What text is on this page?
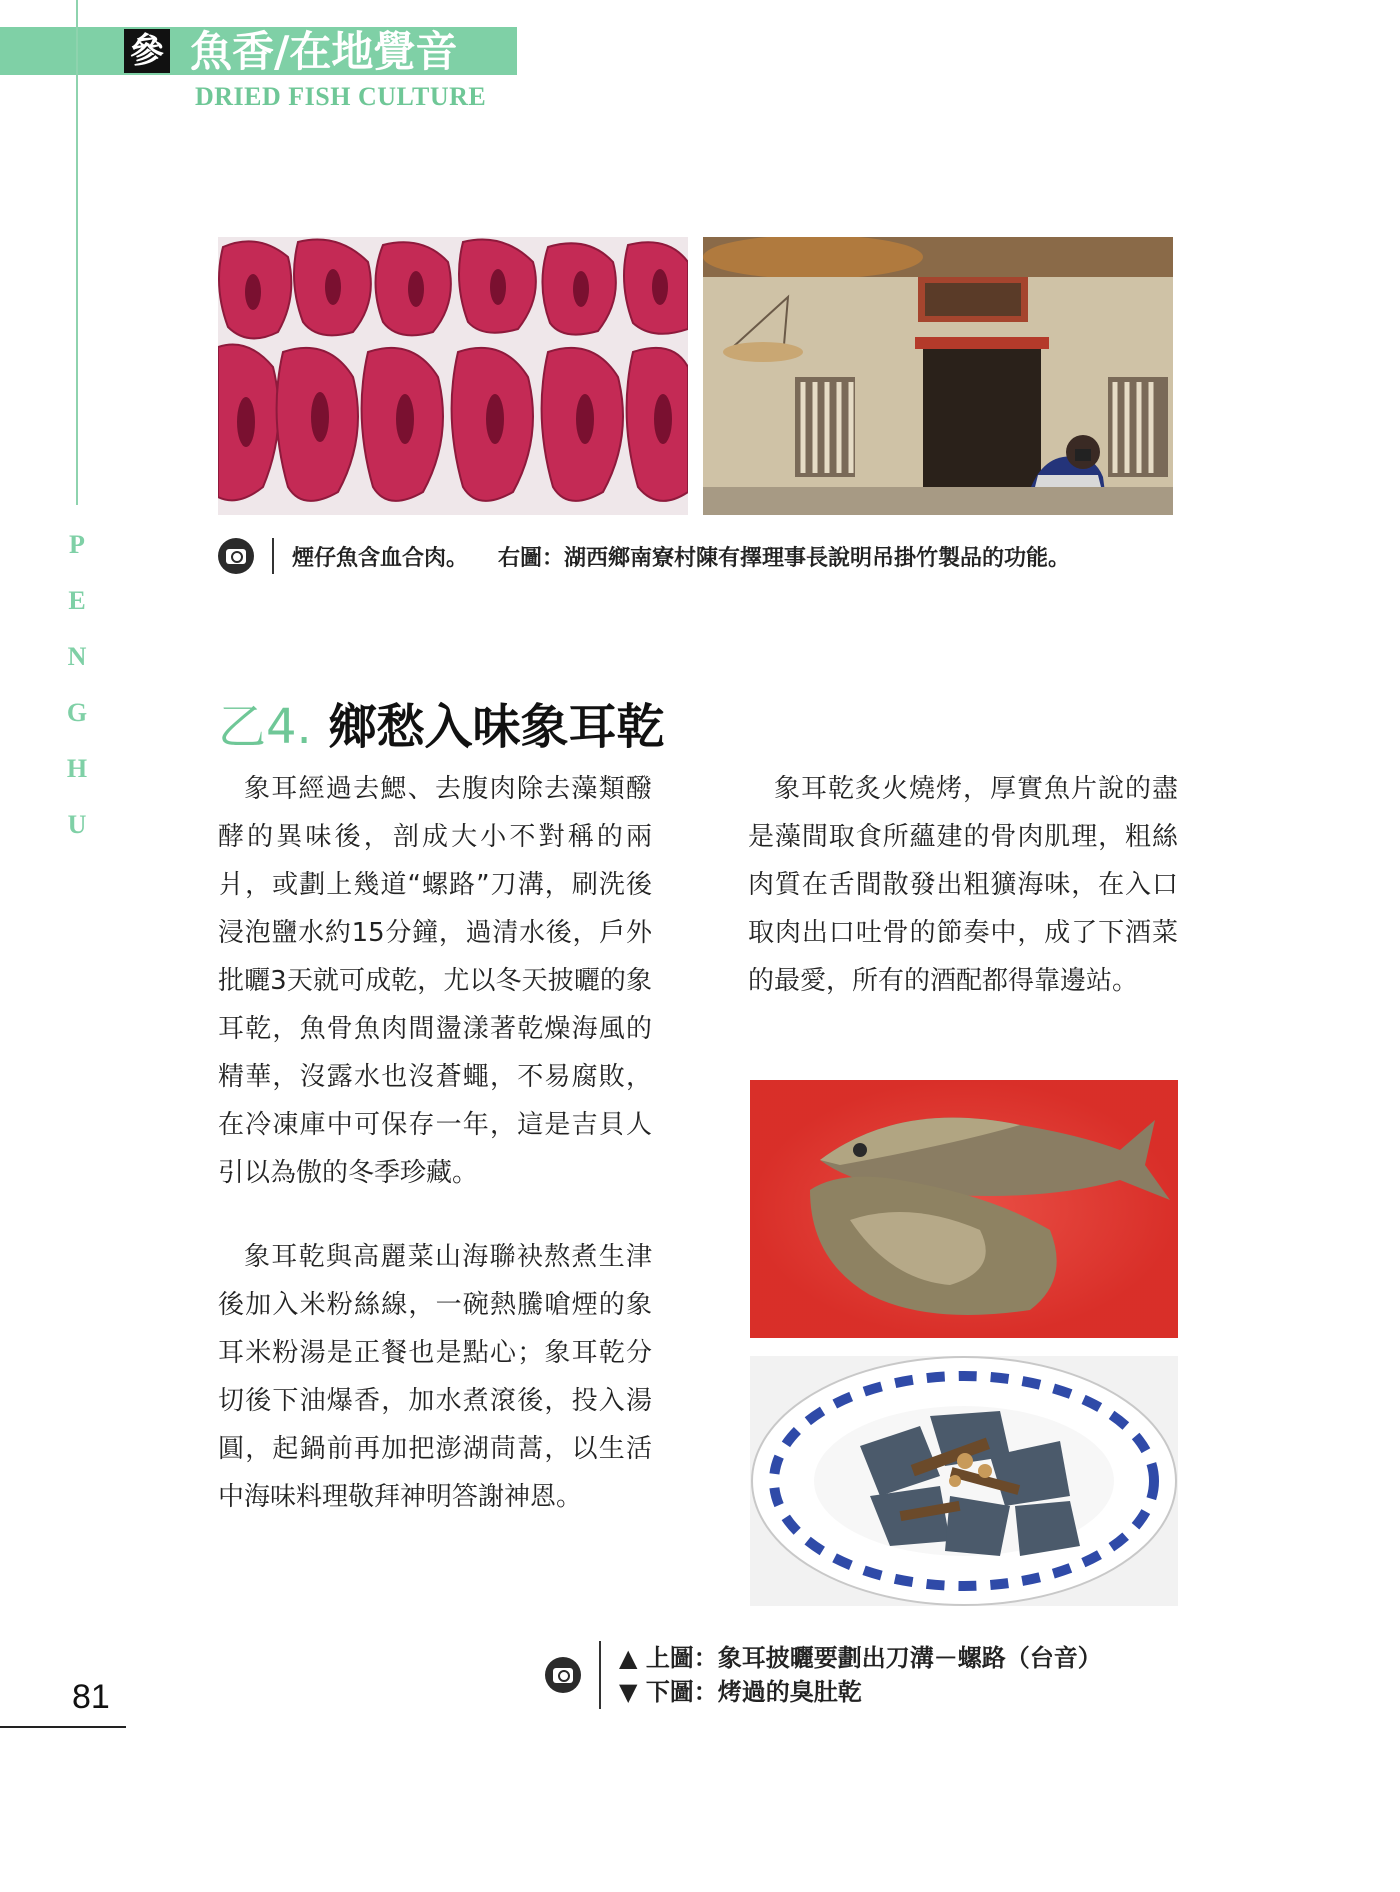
參 魚香/在地覺音
DRIED FISH CULTURE
P
E
N
G
H
U
煙仔魚含血合肉。 右圖：湖西鄉南寮村陳有擇理事長說明吊掛竹製品的功能。
乙4. 鄉愁入味象耳乾

象耳經過去鰓、去腹肉除去藻類醱酵的異味後，剖成大小不對稱的兩爿，或劃上幾道“螺路”刀溝，刷洗後浸泡鹽水約15分鐘，過清水後，戶外批曬3天就可成乾，尤以冬天披曬的象耳乾，魚骨魚肉間盪漾著乾燥海風的精華，沒露水也沒蒼蠅，不易腐敗，在冷凍庫中可保存一年，這是吉貝人引以為傲的冬季珍藏。

象耳乾與高麗菜山海聯袂熬煮生津後加入米粉絲線，一碗熱騰嗆煙的象耳米粉湯是正餐也是點心；象耳乾分切後下油爆香，加水煮滾後，投入湯圓，起鍋前再加把澎湖茼蒿，以生活中海味料理敬拜神明答謝神恩。

象耳乾炙火燒烤，厚實魚片說的盡是藻間取食所蘊建的骨肉肌理，粗絲肉質在舌間散發出粗獷海味，在入口取肉出口吐骨的節奏中，成了下酒菜的最愛，所有的酒配都得靠邊站。

▲ 上圖：象耳披曬要劃出刀溝－螺路（台音）
▼ 下圖：烤過的臭肚乾
81
